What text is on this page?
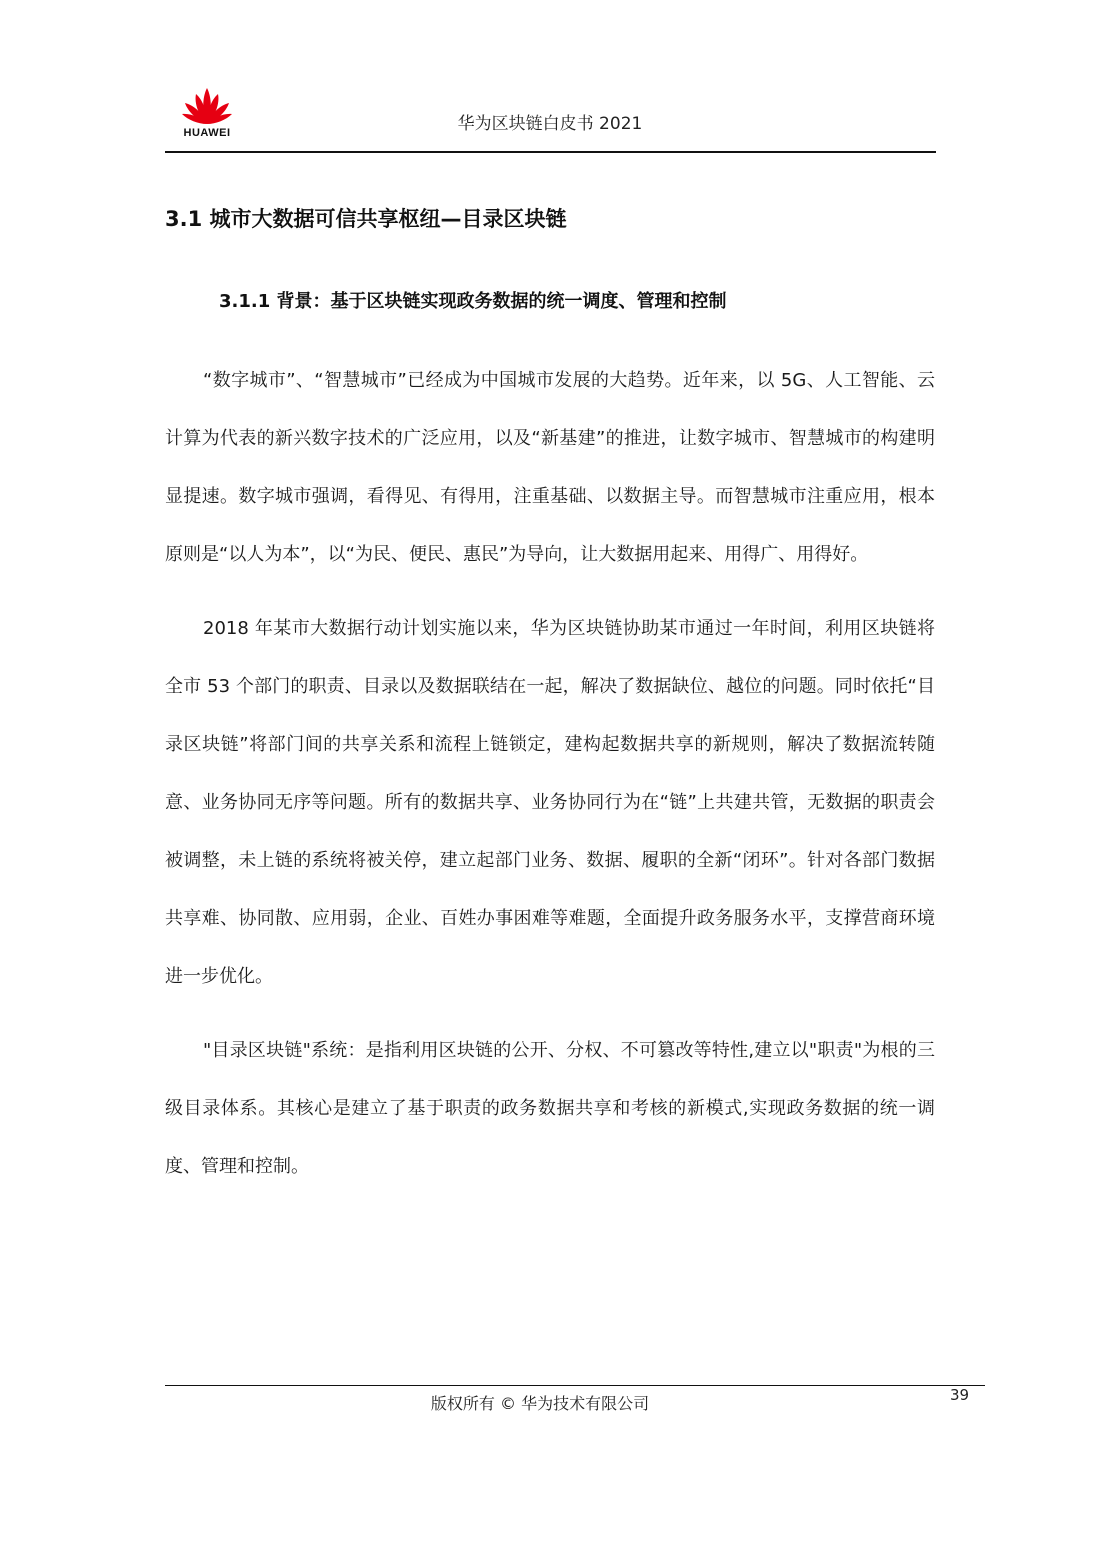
HUAWEI	华为区块链白皮书 2021
3.1 城市大数据可信共享枢纽—目录区块链
3.1.1 背景：基于区块链实现政务数据的统一调度、管理和控制

“数字城市”、“智慧城市”已经成为中国城市发展的大趋势。近年来，以 5G、人工智能、云计算为代表的新兴数字技术的广泛应用，以及“新基建”的推进，让数字城市、智慧城市的构建明显提速。数字城市强调，看得见、有得用，注重基础、以数据主导。而智慧城市注重应用，根本原则是“以人为本”，以“为民、便民、惠民”为导向，让大数据用起来、用得广、用得好。

2018 年某市大数据行动计划实施以来，华为区块链协助某市通过一年时间，利用区块链将全市 53 个部门的职责、目录以及数据联结在一起，解决了数据缺位、越位的问题。同时依托“目录区块链”将部门间的共享关系和流程上链锁定，建构起数据共享的新规则，解决了数据流转随意、业务协同无序等问题。所有的数据共享、业务协同行为在“链”上共建共管，无数据的职责会被调整，未上链的系统将被关停，建立起部门业务、数据、履职的全新“闭环”。针对各部门数据共享难、协同散、应用弱，企业、百姓办事困难等难题，全面提升政务服务水平，支撑营商环境进一步优化。

"目录区块链"系统：是指利用区块链的公开、分权、不可篡改等特性,建立以"职责"为根的三级目录体系。其核心是建立了基于职责的政务数据共享和考核的新模式,实现政务数据的统一调度、管理和控制。

版权所有 © 华为技术有限公司	39
